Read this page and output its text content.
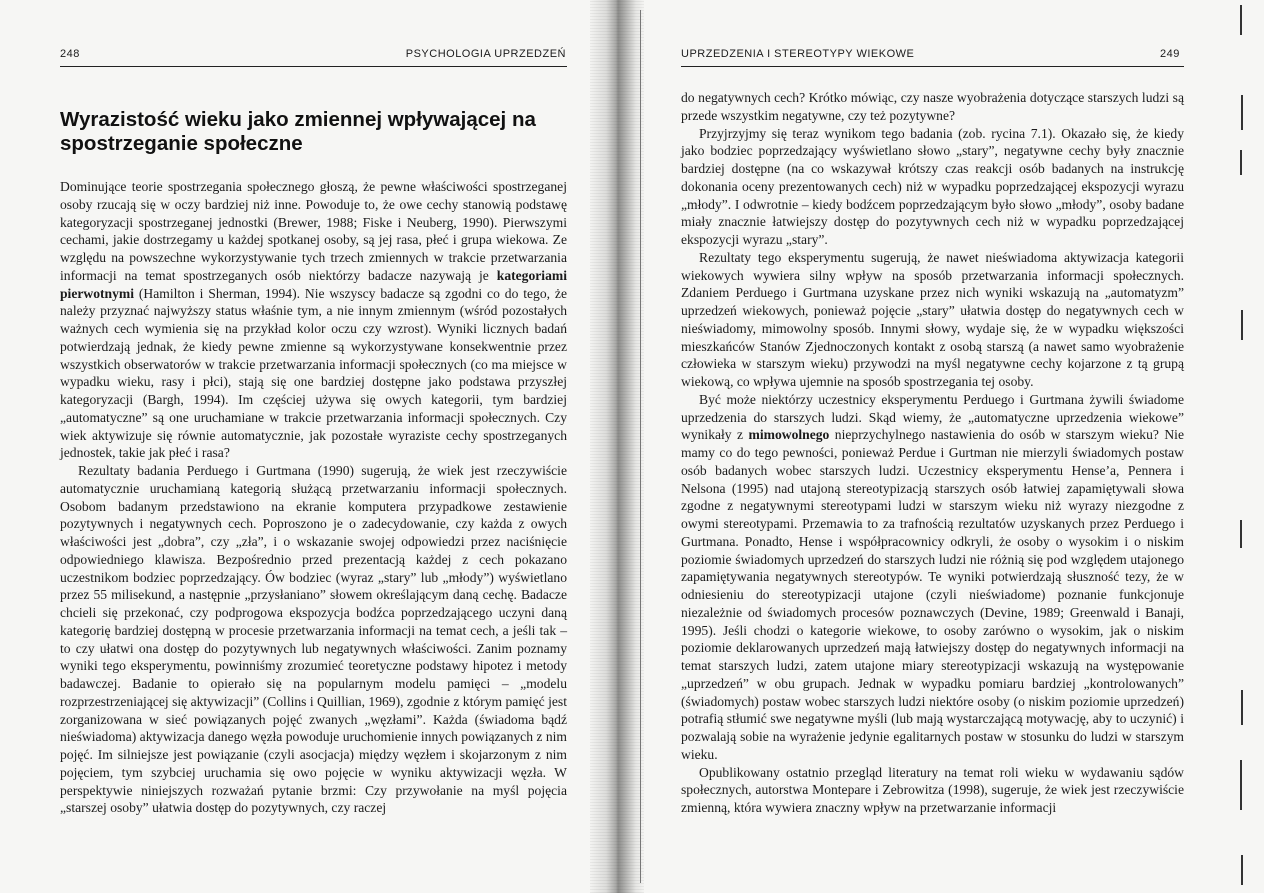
248	PSYCHOLOGIA UPRZEDZEŃ
Wyrazistość wieku jako zmiennej wpływającej na spostrzeganie społeczne

Dominujące teorie spostrzegania społecznego głoszą, że pewne właściwości spostrzeganej osoby rzucają się w oczy bardziej niż inne. Powoduje to, że owe cechy stanowią podstawę kategoryzacji spostrzeganej jednostki (Brewer, 1988; Fiske i Neuberg, 1990). Pierwszymi cechami, jakie dostrzegamy u każdej spotkanej osoby, są jej rasa, płeć i grupa wiekowa. Ze względu na powszechne wykorzystywanie tych trzech zmiennych w trakcie przetwarzania informacji na temat spostrzeganych osób niektórzy badacze nazywają je kategoriami pierwotnymi (Hamilton i Sherman, 1994). Nie wszyscy badacze są zgodni co do tego, że należy przyznać najwyższy status właśnie tym, a nie innym zmiennym (wśród pozostałych ważnych cech wymienia się na przykład kolor oczu czy wzrost). Wyniki licznych badań potwierdzają jednak, że kiedy pewne zmienne są wykorzystywane konsekwentnie przez wszystkich obserwatorów w trakcie przetwarzania informacji społecznych (co ma miejsce w wypadku wieku, rasy i płci), stają się one bardziej dostępne jako podstawa przyszłej kategoryzacji (Bargh, 1994). Im częściej używa się owych kategorii, tym bardziej „automatyczne” są one uruchamiane w trakcie przetwarzania informacji społecznych. Czy wiek aktywizuje się równie automatycznie, jak pozostałe wyraziste cechy spostrzeganych jednostek, takie jak płeć i rasa?

Rezultaty badania Perduego i Gurtmana (1990) sugerują, że wiek jest rzeczywiście automatycznie uruchamianą kategorią służącą przetwarzaniu informacji społecznych. Osobom badanym przedstawiono na ekranie komputera przypadkowe zestawienie pozytywnych i negatywnych cech. Poproszono je o zadecydowanie, czy każda z owych właściwości jest „dobra”, czy „zła”, i o wskazanie swojej odpowiedzi przez naciśnięcie odpowiedniego klawisza. Bezpośrednio przed prezentacją każdej z cech pokazano uczestnikom bodziec poprzedzający. Ów bodziec (wyraz „stary” lub „młody”) wyświetlano przez 55 milisekund, a następnie „przysłaniano” słowem określającym daną cechę. Badacze chcieli się przekonać, czy podprogowa ekspozycja bodźca poprzedzającego uczyni daną kategorię bardziej dostępną w procesie przetwarzania informacji na temat cech, a jeśli tak – to czy ułatwi ona dostęp do pozytywnych lub negatywnych właściwości. Zanim poznamy wyniki tego eksperymentu, powinniśmy zrozumieć teoretyczne podstawy hipotez i metody badawczej. Badanie to opierało się na popularnym modelu pamięci – „modelu rozprzestrzeniającej się aktywizacji” (Collins i Quillian, 1969), zgodnie z którym pamięć jest zorganizowana w sieć powiązanych pojęć zwanych „węzłami”. Każda (świadoma bądź nieświadoma) aktywizacja danego węzła powoduje uruchomienie innych powiązanych z nim pojęć. Im silniejsze jest powiązanie (czyli asocjacja) między węzłem i skojarzonym z nim pojęciem, tym szybciej uruchamia się owo pojęcie w wyniku aktywizacji węzła. W perspektywie niniejszych rozważań pytanie brzmi: Czy przywołanie na myśl pojęcia „starszej osoby” ułatwia dostęp do pozytywnych, czy raczej

UPRZEDZENIA I STEREOTYPY WIEKOWE	249

do negatywnych cech? Krótko mówiąc, czy nasze wyobrażenia dotyczące starszych ludzi są przede wszystkim negatywne, czy też pozytywne?

Przyjrzyjmy się teraz wynikom tego badania (zob. rycina 7.1). Okazało się, że kiedy jako bodziec poprzedzający wyświetlano słowo „stary”, negatywne cechy były znacznie bardziej dostępne (na co wskazywał krótszy czas reakcji osób badanych na instrukcję dokonania oceny prezentowanych cech) niż w wypadku poprzedzającej ekspozycji wyrazu „młody”. I odwrotnie – kiedy bodźcem poprzedzającym było słowo „młody”, osoby badane miały znacznie łatwiejszy dostęp do pozytywnych cech niż w wypadku poprzedzającej ekspozycji wyrazu „stary”.

Rezultaty tego eksperymentu sugerują, że nawet nieświadoma aktywizacja kategorii wiekowych wywiera silny wpływ na sposób przetwarzania informacji społecznych. Zdaniem Perduego i Gurtmana uzyskane przez nich wyniki wskazują na „automatyzm” uprzedzeń wiekowych, ponieważ pojęcie „stary” ułatwia dostęp do negatywnych cech w nieświadomy, mimowolny sposób. Innymi słowy, wydaje się, że w wypadku większości mieszkańców Stanów Zjednoczonych kontakt z osobą starszą (a nawet samo wyobrażenie człowieka w starszym wieku) przywodzi na myśl negatywne cechy kojarzone z tą grupą wiekową, co wpływa ujemnie na sposób spostrzegania tej osoby.

Być może niektórzy uczestnicy eksperymentu Perduego i Gurtmana żywili świadome uprzedzenia do starszych ludzi. Skąd wiemy, że „automatyczne uprzedzenia wiekowe” wynikały z mimowolnego nieprzychylnego nastawienia do osób w starszym wieku? Nie mamy co do tego pewności, ponieważ Perdue i Gurtman nie mierzyli świadomych postaw osób badanych wobec starszych ludzi. Uczestnicy eksperymentu Hense’a, Pennera i Nelsona (1995) nad utajoną stereotypizacją starszych osób łatwiej zapamiętywali słowa zgodne z negatywnymi stereotypami ludzi w starszym wieku niż wyrazy niezgodne z owymi stereotypami. Przemawia to za trafnością rezultatów uzyskanych przez Perduego i Gurtmana. Ponadto, Hense i współpracownicy odkryli, że osoby o wysokim i o niskim poziomie świadomych uprzedzeń do starszych ludzi nie różnią się pod względem utajonego zapamiętywania negatywnych stereotypów. Te wyniki potwierdzają słuszność tezy, że w odniesieniu do stereotypizacji utajone (czyli nieświadome) poznanie funkcjonuje niezależnie od świadomych procesów poznawczych (Devine, 1989; Greenwald i Banaji, 1995). Jeśli chodzi o kategorie wiekowe, to osoby zarówno o wysokim, jak o niskim poziomie deklarowanych uprzedzeń mają łatwiejszy dostęp do negatywnych informacji na temat starszych ludzi, zatem utajone miary stereotypizacji wskazują na występowanie „uprzedzeń” w obu grupach. Jednak w wypadku pomiaru bardziej „kontrolowanych” (świadomych) postaw wobec starszych ludzi niektóre osoby (o niskim poziomie uprzedzeń) potrafią stłumić swe negatywne myśli (lub mają wystarczającą motywację, aby to uczynić) i pozwalają sobie na wyrażenie jedynie egalitarnych postaw w stosunku do ludzi w starszym wieku.

Opublikowany ostatnio przegląd literatury na temat roli wieku w wydawaniu sądów społecznych, autorstwa Montepare i Zebrowitza (1998), sugeruje, że wiek jest rzeczywiście zmienną, która wywiera znaczny wpływ na przetwarzanie informacji
